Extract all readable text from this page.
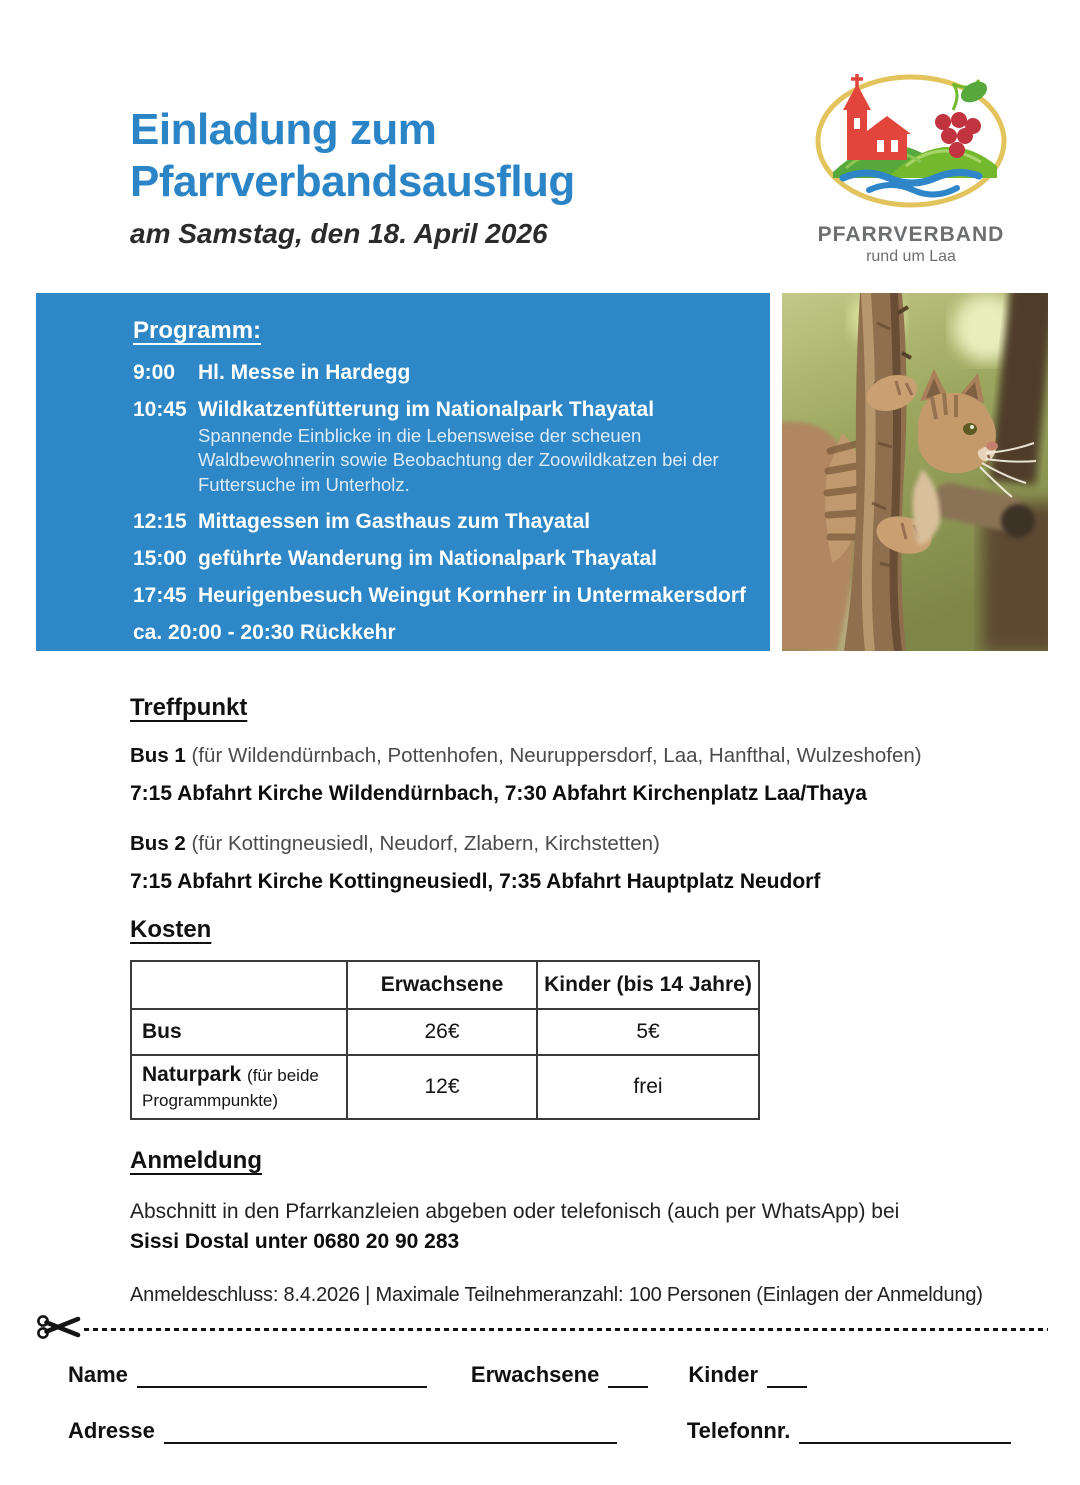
Einladung zum
Pfarrverbandsausflug
am Samstag, den 18. April 2026	PFARRVERBAND
rund um Laa
Programm:
9:00	Hl. Messe in Hardegg
10:45 Wildkatzenfütterung im Nationalpark Thayatal
Spannende Einblicke in die Lebensweise der scheuen Waldbewohnerin sowie Beobachtung der Zoowildkatzen bei der Futtersuche im Unterholz.
12:15 Mittagessen im Gasthaus zum Thayatal
15:00 geführte Wanderung im Nationalpark Thayatal
17:45 Heurigenbesuch Weingut Kornherr in Untermakersdorf
ca. 20:00 - 20:30 Rückkehr
Treffpunkt

Bus 1 (für Wildendürnbach, Pottenhofen, Neuruppersdorf, Laa, Hanfthal, Wulzeshofen)

7:15 Abfahrt Kirche Wildendürnbach, 7:30 Abfahrt Kirchenplatz Laa/Thaya

Bus 2 (für Kottingneusiedl, Neudorf, Zlabern, Kirchstetten)

7:15 Abfahrt Kirche Kottingneusiedl, 7:35 Abfahrt Hauptplatz Neudorf

Kosten
	Erwachsene	Kinder (bis 14 Jahre)
Bus	26€	5€
Naturpark (für beide Programmpunkte)	12€	frei
Anmeldung

Abschnitt in den Pfarrkanzleien abgeben oder telefonisch (auch per WhatsApp) bei
Sissi Dostal unter 0680 20 90 283

Anmeldeschluss: 8.4.2026 | Maximale Teilnehmeranzahl: 100 Personen (Einlagen der Anmeldung)

Name	Erwachsene	Kinder
Adresse	Telefonnr.
